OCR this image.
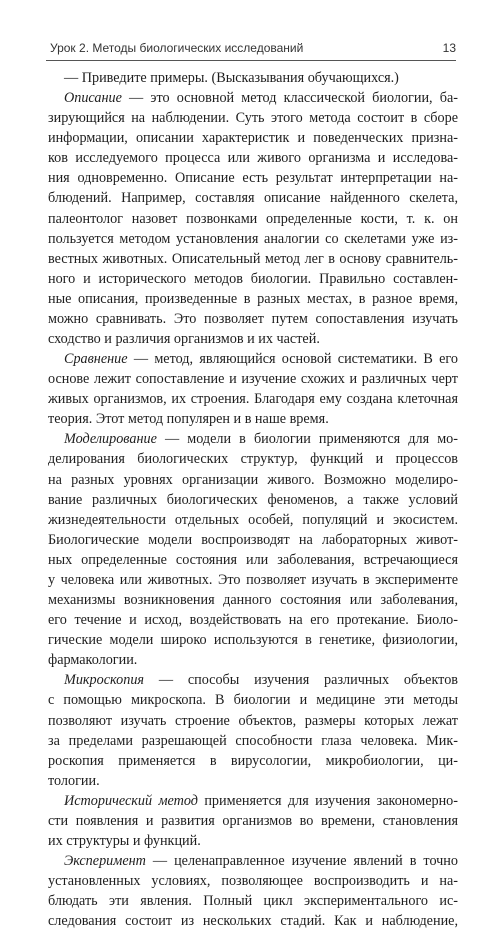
Урок 2. Методы биологических исследований	13
— Приведите примеры. (Высказывания обучающихся.)
Описание — это основной метод классической биологии, ба-
зирующийся на наблюдении. Суть этого метода состоит в сборе
информации, описании характеристик и поведенческих призна-
ков исследуемого процесса или живого организма и исследова-
ния одновременно. Описание есть результат интерпретации на-
блюдений. Например, составляя описание найденного скелета,
палеонтолог назовет позвонками определенные кости, т. к. он
пользуется методом установления аналогии со скелетами уже из-
вестных животных. Описательный метод лег в основу сравнитель-
ного и исторического методов биологии. Правильно составлен-
ные описания, произведенные в разных местах, в разное время,
можно сравнивать. Это позволяет путем сопоставления изучать
сходство и различия организмов и их частей.
Сравнение — метод, являющийся основой систематики. В его
основе лежит сопоставление и изучение схожих и различных черт
живых организмов, их строения. Благодаря ему создана клеточная
теория. Этот метод популярен и в наше время.
Моделирование — модели в биологии применяются для мо-
делирования биологических структур, функций и процессов
на разных уровнях организации живого. Возможно моделиро-
вание различных биологических феноменов, а также условий
жизнедеятельности отдельных особей, популяций и экосистем.
Биологические модели воспроизводят на лабораторных живот-
ных определенные состояния или заболевания, встречающиеся
у человека или животных. Это позволяет изучать в эксперименте
механизмы возникновения данного состояния или заболевания,
его течение и исход, воздействовать на его протекание. Биоло-
гические модели широко используются в генетике, физиологии,
фармакологии.
Микроскопия — способы изучения различных объектов
с помощью микроскопа. В биологии и медицине эти методы
позволяют изучать строение объектов, размеры которых лежат
за пределами разрешающей способности глаза человека. Мик-
роскопия применяется в вирусологии, микробиологии, ци-
тологии.
Исторический метод применяется для изучения закономерно-
сти появления и развития организмов во времени, становления
их структуры и функций.
Эксперимент — целенаправленное изучение явлений в точно
установленных условиях, позволяющее воспроизводить и на-
блюдать эти явления. Полный цикл экспериментального ис-
следования состоит из нескольких стадий. Как и наблюдение,
